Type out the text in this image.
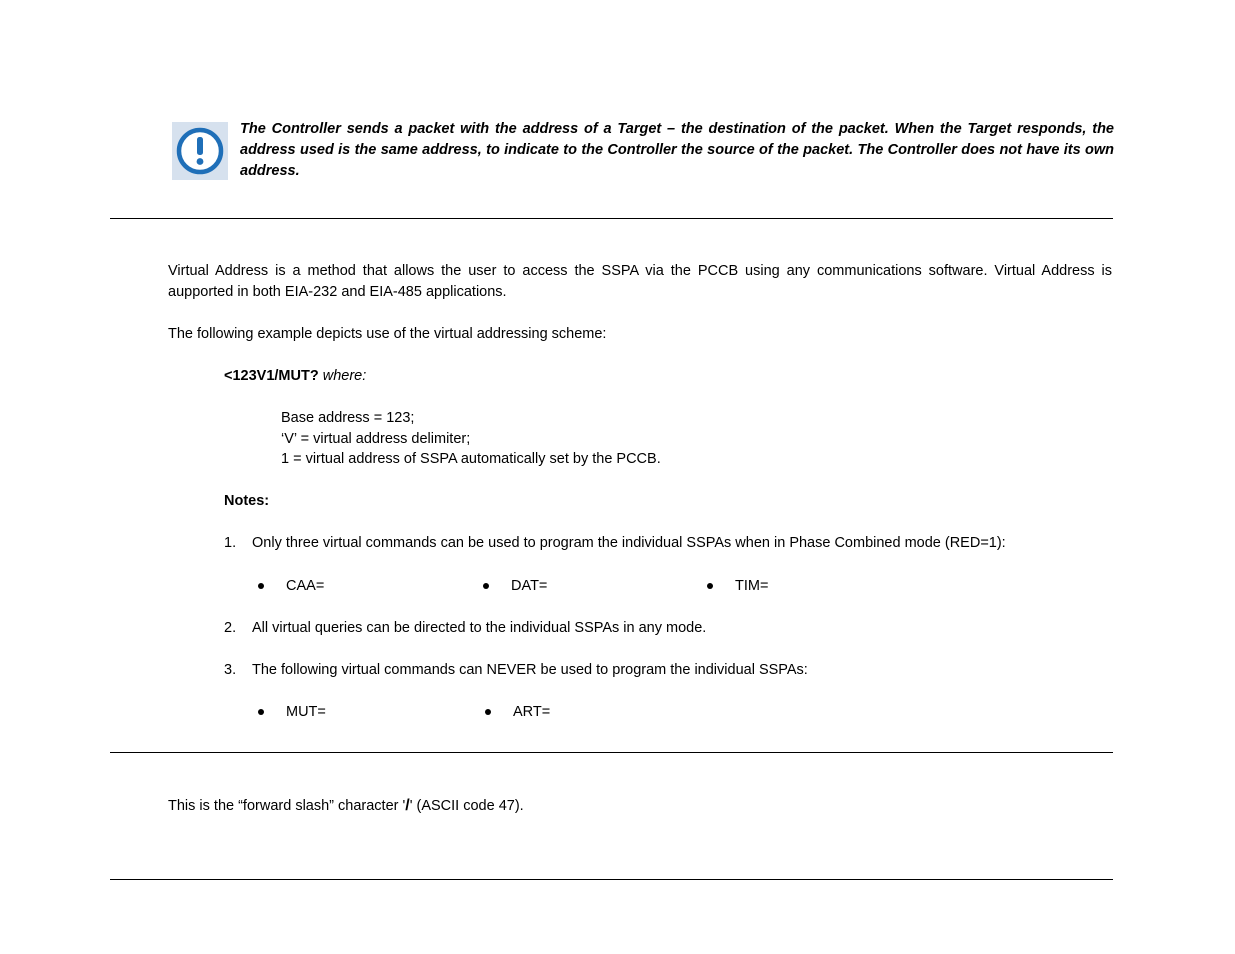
The Controller sends a packet with the address of a Target – the destination of the packet. When the Target responds, the address used is the same address, to indicate to the Controller the source of the packet. The Controller does not have its own address.
Virtual Address is a method that allows the user to access the SSPA via the PCCB using any communications software. Virtual Address is aupported in both EIA-232 and EIA-485 applications.
The following example depicts use of the virtual addressing scheme:
<123V1/MUT? where:
Base address = 123;
‘V’ = virtual address delimiter;
1 = virtual address of SSPA automatically set by the PCCB.
Notes:
1. Only three virtual commands can be used to program the individual SSPAs when in Phase Combined mode (RED=1):
CAA=	DAT=	TIM=
2. All virtual queries can be directed to the individual SSPAs in any mode.
3. The following virtual commands can NEVER be used to program the individual SSPAs:
MUT=	ART=
This is the “forward slash” character '/' (ASCII code 47).
